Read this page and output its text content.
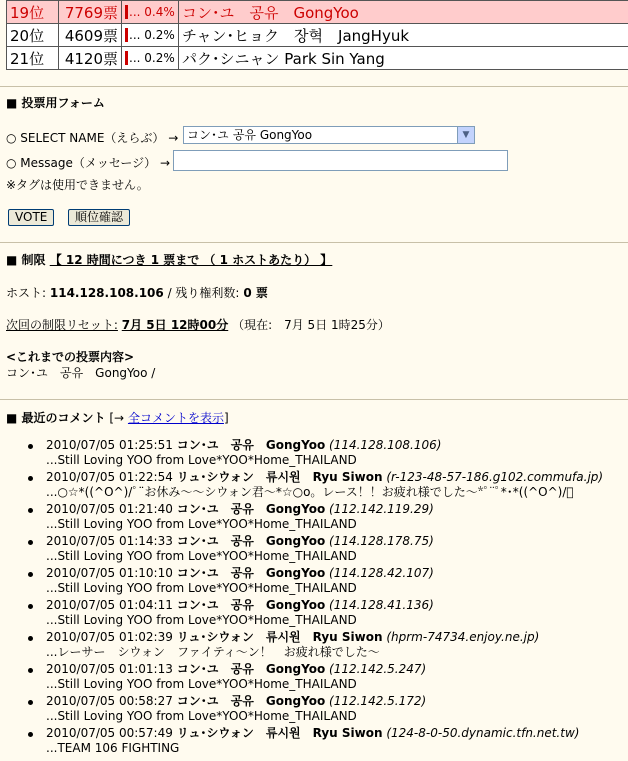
19位	7769票	... 0.4%	コン･ユ　공유　GongYoo
20位	4609票	... 0.2%	チャン･ヒョク　장혁　JangHyuk
21位	4120票	... 0.2%	パク･シニャン Park Sin Yang
■ 投票用フォーム
○ SELECT NAME（えらぶ） → コン･ユ 공유 GongYoo	▼
○ Message（メッセージ） →
※タグは使用できません。
VOTE	順位確認
■ 制限 【 12 時間につき 1 票まで （ 1 ホストあたり） 】
ホスト: 114.128.108.106 / 残り権利数: 0 票
次回の制限リセット: 7月 5日 12時00分 （現在:　7月 5日 1時25分）
<これまでの投票内容>
コン･ユ　공유　GongYoo /
■ 最近のコメント [→ 全コメントを表示]
2010/07/05 01:25:51 コン･ユ　공유　GongYoo (114.128.108.106)
...Still Loving YOO from Love*YOO*Home_THAILAND
2010/07/05 01:22:54 リュ･シウォン　류시원　Ryu Siwon (r-123-48-57-186.g102.commufa.jp)
...○☆*((^O^)/ﾟ¨お休み～～シウォン君～*☆○o。レース！！お疲れ様でした～*ﾟ¨ﾟ*･*((^O^)/ﾟ
2010/07/05 01:21:40 コン･ユ　공유　GongYoo (112.142.119.29)
...Still Loving YOO from Love*YOO*Home_THAILAND
2010/07/05 01:14:33 コン･ユ　공유　GongYoo (114.128.178.75)
...Still Loving YOO from Love*YOO*Home_THAILAND
2010/07/05 01:10:10 コン･ユ　공유　GongYoo (114.128.42.107)
...Still Loving YOO from Love*YOO*Home_THAILAND
2010/07/05 01:04:11 コン･ユ　공유　GongYoo (114.128.41.136)
...Still Loving YOO from Love*YOO*Home_THAILAND
2010/07/05 01:02:39 リュ･シウォン　류시원　Ryu Siwon (hprm-74734.enjoy.ne.jp)
...レーサー　シウォン　ファイティ～ン！　お疲れ様でした～
2010/07/05 01:01:13 コン･ユ　공유　GongYoo (112.142.5.247)
...Still Loving YOO from Love*YOO*Home_THAILAND
2010/07/05 00:58:27 コン･ユ　공유　GongYoo (112.142.5.172)
...Still Loving YOO from Love*YOO*Home_THAILAND
2010/07/05 00:57:49 リュ･シウォン　류시원　Ryu Siwon (124-8-0-50.dynamic.tfn.net.tw)
...TEAM 106 FIGHTING
